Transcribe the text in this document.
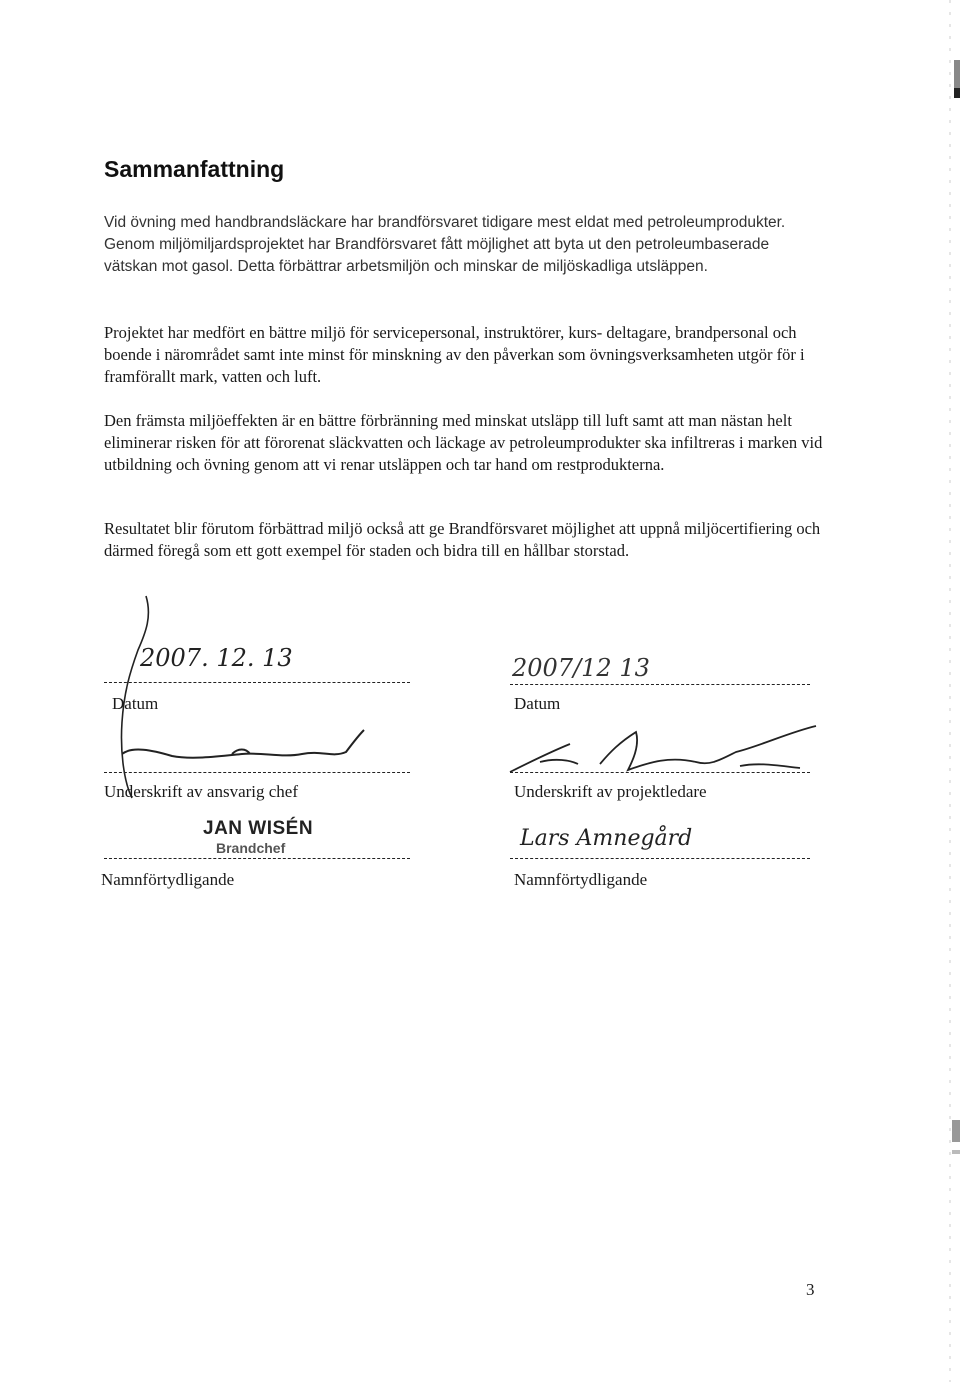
Sammanfattning

Vid övning med handbrandsläckare har brandförsvaret tidigare mest eldat med petroleumprodukter. Genom miljömiljardsprojektet har Brandförsvaret fått möjlighet att byta ut den petroleumbaserade vätskan mot gasol. Detta förbättrar arbetsmiljön och minskar de miljöskadliga utsläppen.

Projektet har medfört en bättre miljö för servicepersonal, instruktörer, kurs- deltagare, brandpersonal och boende i närområdet samt inte minst för minskning av den påverkan som övningsverksamheten utgör för i framförallt mark, vatten och luft.

Den främsta miljöeffekten är en bättre förbränning med minskat utsläpp till luft samt att man nästan helt eliminerar risken för att förorenat släckvatten och läckage av petroleumprodukter ska infiltreras i marken vid utbildning och övning genom att vi renar utsläppen och tar hand om restprodukterna.

Resultatet blir förutom förbättrad miljö också att ge Brandförsvaret möjlighet att uppnå miljöcertifiering och därmed föregå som ett gott exempel för staden och bidra till en hållbar storstad.

2007. 12. 13
Datum
Underskrift av ansvarig chef
JAN WISÉN
Brandchef
Namnförtydligande
2007/12 13
Datum
Underskrift av projektledare
Lars Amnegård
Namnförtydligande
3
